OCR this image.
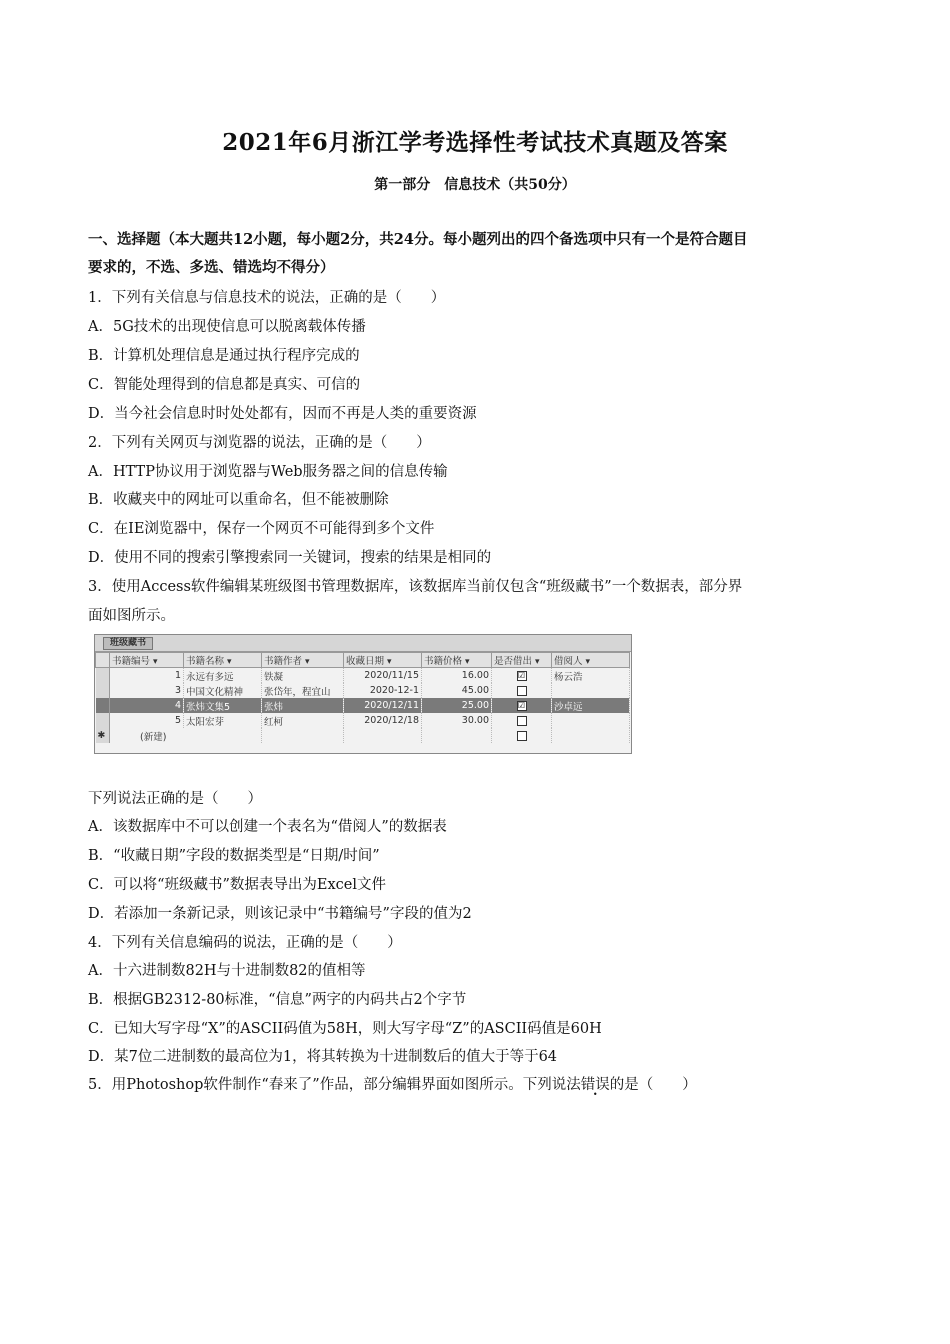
2021年6月浙江学考选择性考试技术真题及答案
第一部分　信息技术（共50分）
一、选择题（本大题共12小题，每小题2分，共24分。每小题列出的四个备选项中只有一个是符合题目
要求的，不选、多选、错选均不得分）
1．下列有关信息与信息技术的说法，正确的是（　　）
A．5G技术的出现使信息可以脱离载体传播
B．计算机处理信息是通过执行程序完成的
C．智能处理得到的信息都是真实、可信的
D．当今社会信息时时处处都有，因而不再是人类的重要资源
2．下列有关网页与浏览器的说法，正确的是（　　）
A．HTTP协议用于浏览器与Web服务器之间的信息传输
B．收藏夹中的网址可以重命名，但不能被删除
C．在IE浏览器中，保存一个网页不可能得到多个文件
D．使用不同的搜索引擎搜索同一关键词，搜索的结果是相同的
3．使用Access软件编辑某班级图书管理数据库，该数据库当前仅包含“班级藏书”一个数据表，部分界
面如图所示。
班级藏书
	书籍编号 ▾	书籍名称 ▾	书籍作者 ▾	收藏日期 ▾	书籍价格 ▾	是否借出 ▾	借阅人 ▾
	1	永远有多远	铁凝	2020/11/15	16.00	☑	杨云浩
	3	中国文化精神	张岱年，程宜山	2020-12-1	45.00		
	4	张炜文集5	张炜	2020/12/11	25.00	☑	沙卓远
	5	太阳宏芽	红柯	2020/12/18	30.00		
✱	(新建)						
下列说法正确的是（　　）
A．该数据库中不可以创建一个表名为“借阅人”的数据表
B．“收藏日期”字段的数据类型是“日期/时间”
C．可以将“班级藏书”数据表导出为Excel文件
D．若添加一条新记录，则该记录中“书籍编号”字段的值为2
4．下列有关信息编码的说法，正确的是（　　）
A．十六进制数82H与十进制数82的值相等
B．根据GB2312-80标准，“信息”两字的内码共占2个字节
C．已知大写字母“X”的ASCII码值为58H，则大写字母“Z”的ASCII码值是60H
D．某7位二进制数的最高位为1，将其转换为十进制数后的值大于等于64
5．用Photoshop软件制作“春来了”作品，部分编辑界面如图所示。下列说法错误的是（　　）
